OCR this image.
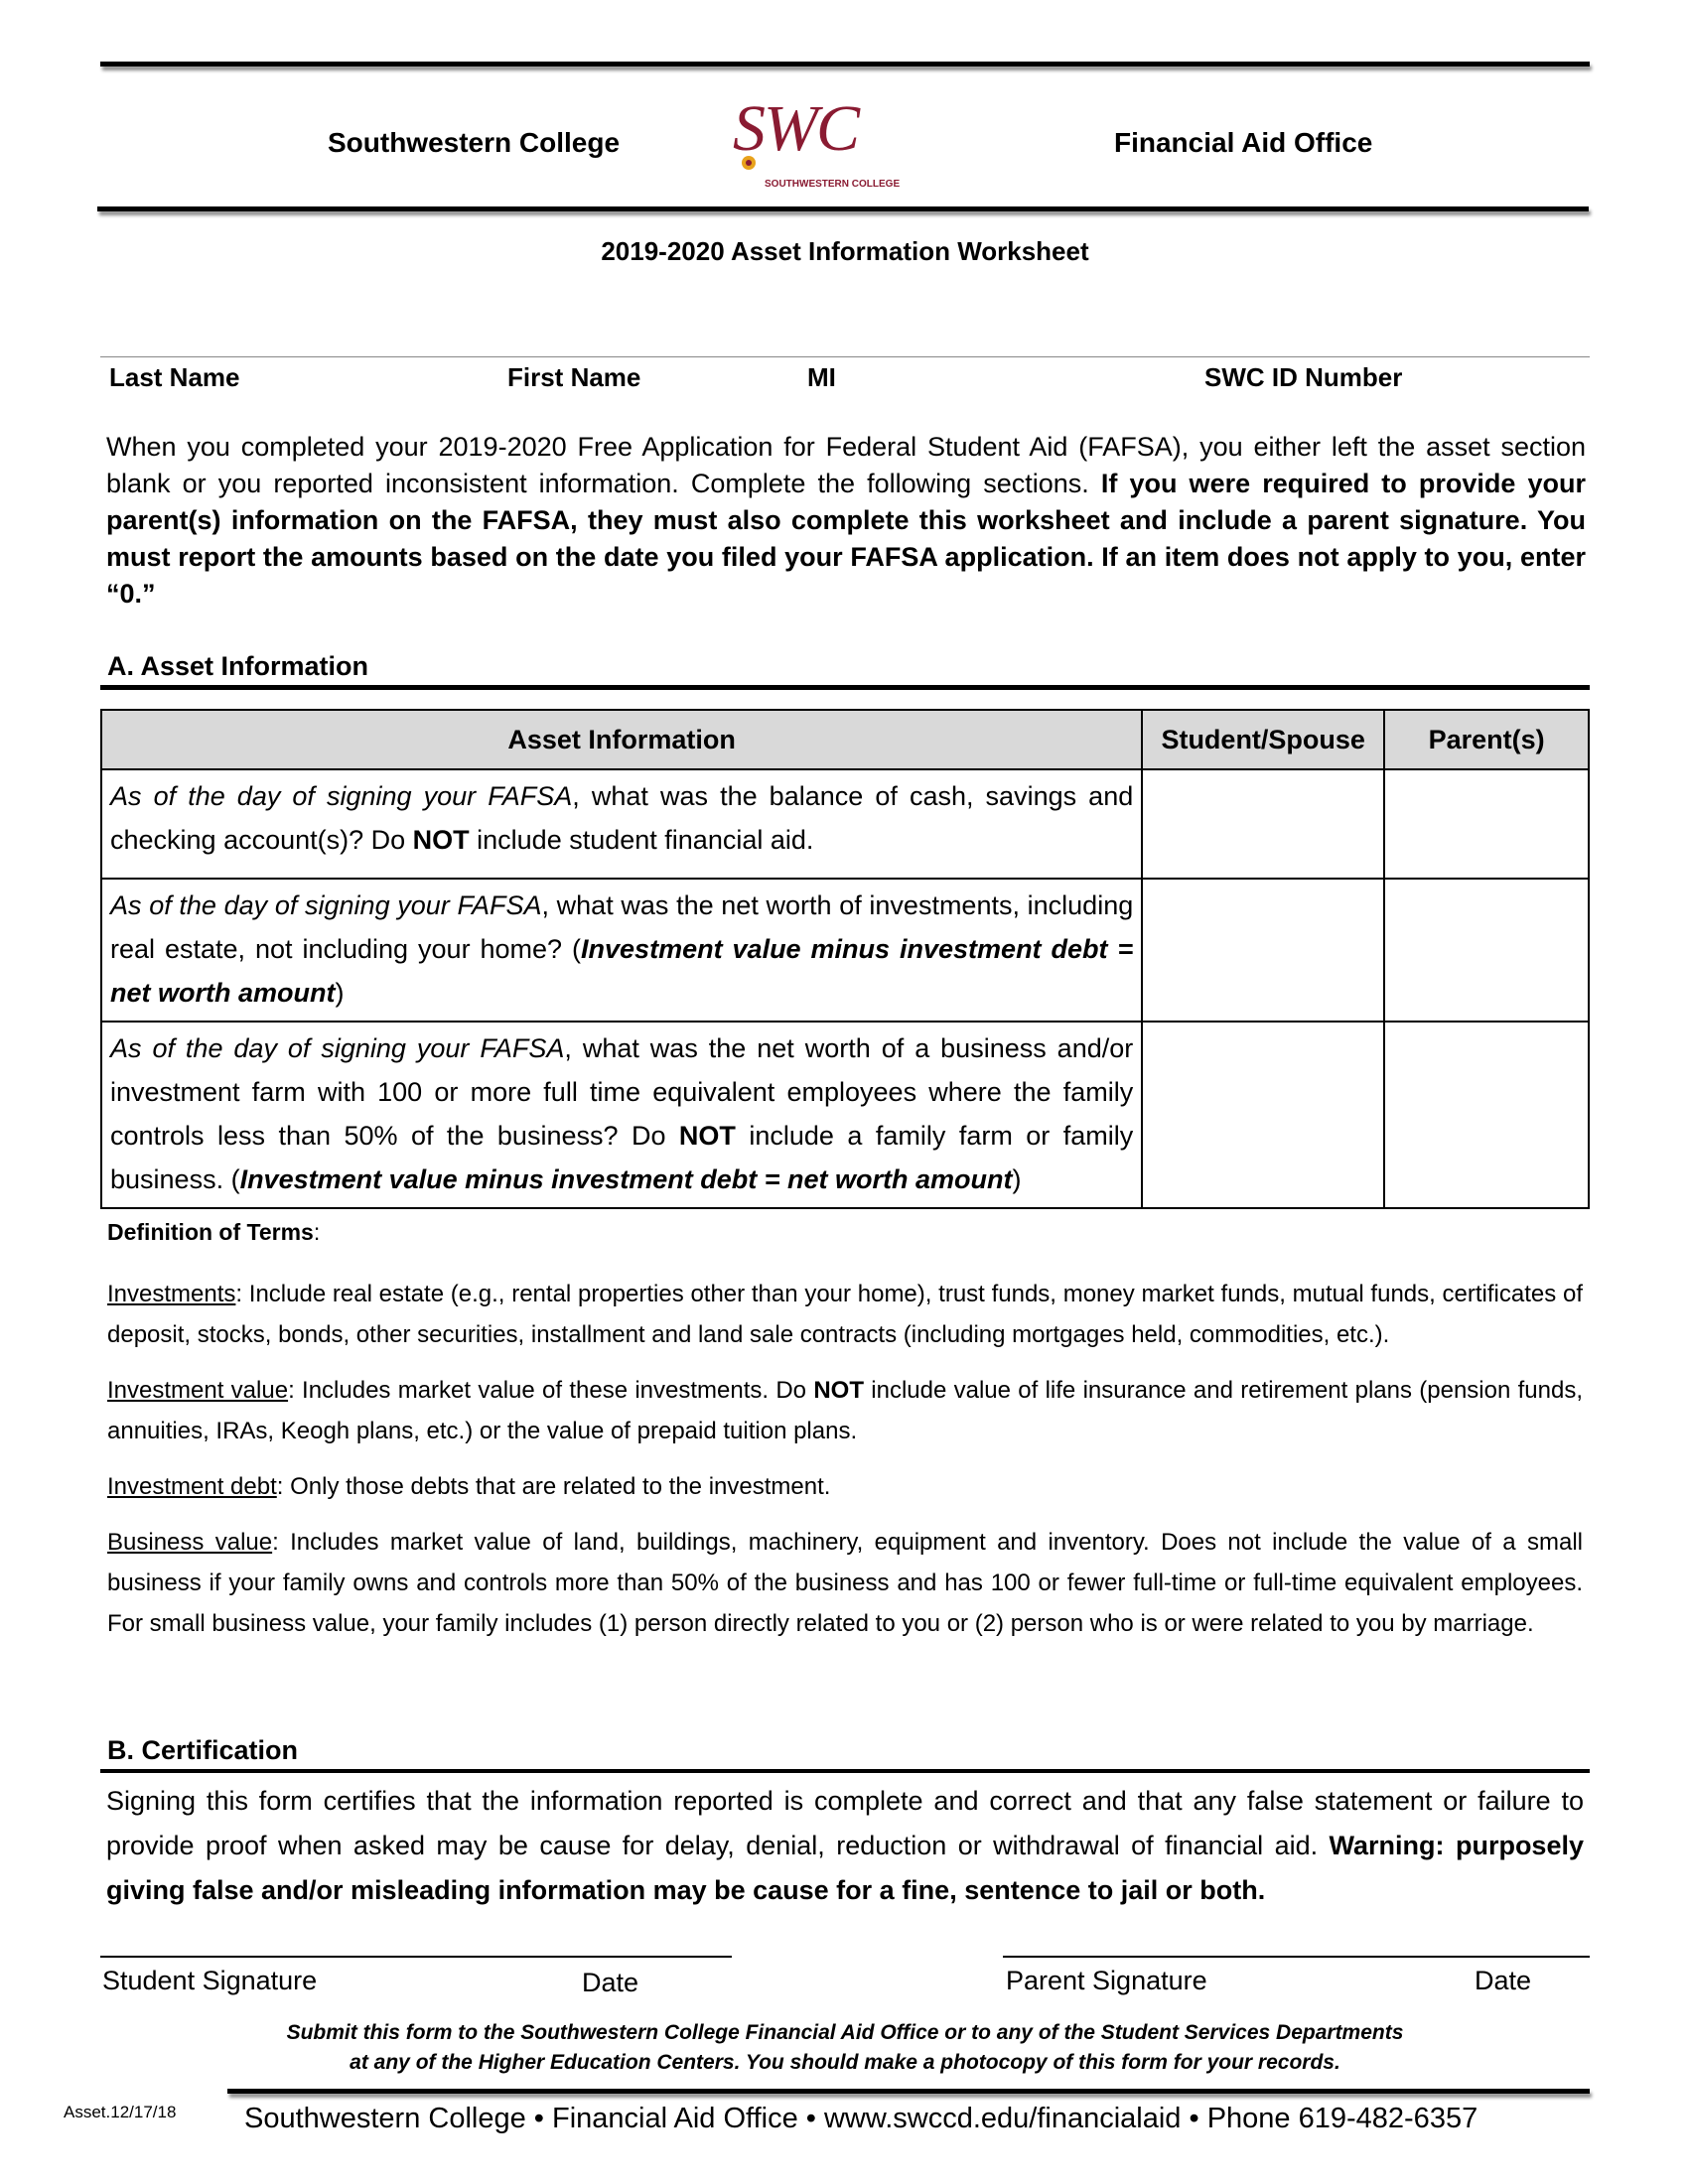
Southwestern College SWC
SOUTHWESTERN COLLEGE
Financial Aid Office
2019-2020 Asset Information Worksheet
Last Name	First Name	MI	SWC ID Number
When you completed your 2019-2020 Free Application for Federal Student Aid (FAFSA), you either left the asset section blank or you reported inconsistent information. Complete the following sections. If you were required to provide your parent(s) information on the FAFSA, they must also complete this worksheet and include a parent signature. You must report the amounts based on the date you filed your FAFSA application. If an item does not apply to you, enter “0.”
A. Asset Information
Asset Information	Student/Spouse	Parent(s)
As of the day of signing your FAFSA, what was the balance of cash, savings and checking account(s)? Do NOT include student financial aid.		
As of the day of signing your FAFSA, what was the net worth of investments, including real estate, not including your home? (Investment value minus investment debt = net worth amount)		
As of the day of signing your FAFSA, what was the net worth of a business and/or investment farm with 100 or more full time equivalent employees where the family controls less than 50% of the business? Do NOT include a family farm or family business. (Investment value minus investment debt = net worth amount)		
Definition of Terms:

Investments: Include real estate (e.g., rental properties other than your home), trust funds, money market funds, mutual funds, certificates of deposit, stocks, bonds, other securities, installment and land sale contracts (including mortgages held, commodities, etc.).

Investment value: Includes market value of these investments. Do NOT include value of life insurance and retirement plans (pension funds, annuities, IRAs, Keogh plans, etc.) or the value of prepaid tuition plans.

Investment debt: Only those debts that are related to the investment.

Business value: Includes market value of land, buildings, machinery, equipment and inventory. Does not include the value of a small business if your family owns and controls more than 50% of the business and has 100 or fewer full-time or full-time equivalent employees. For small business value, your family includes (1) person directly related to you or (2) person who is or were related to you by marriage.

B. Certification
Signing this form certifies that the information reported is complete and correct and that any false statement or failure to provide proof when asked may be cause for delay, denial, reduction or withdrawal of financial aid. Warning: purposely giving false and/or misleading information may be cause for a fine, sentence to jail or both.
Student Signature	Date	Parent Signature	Date
Submit this form to the Southwestern College Financial Aid Office or to any of the Student Services Departments
at any of the Higher Education Centers. You should make a photocopy of this form for your records.
Asset.12/17/18 Southwestern College • Financial Aid Office • www.swccd.edu/financialaid • Phone 619-482-6357
